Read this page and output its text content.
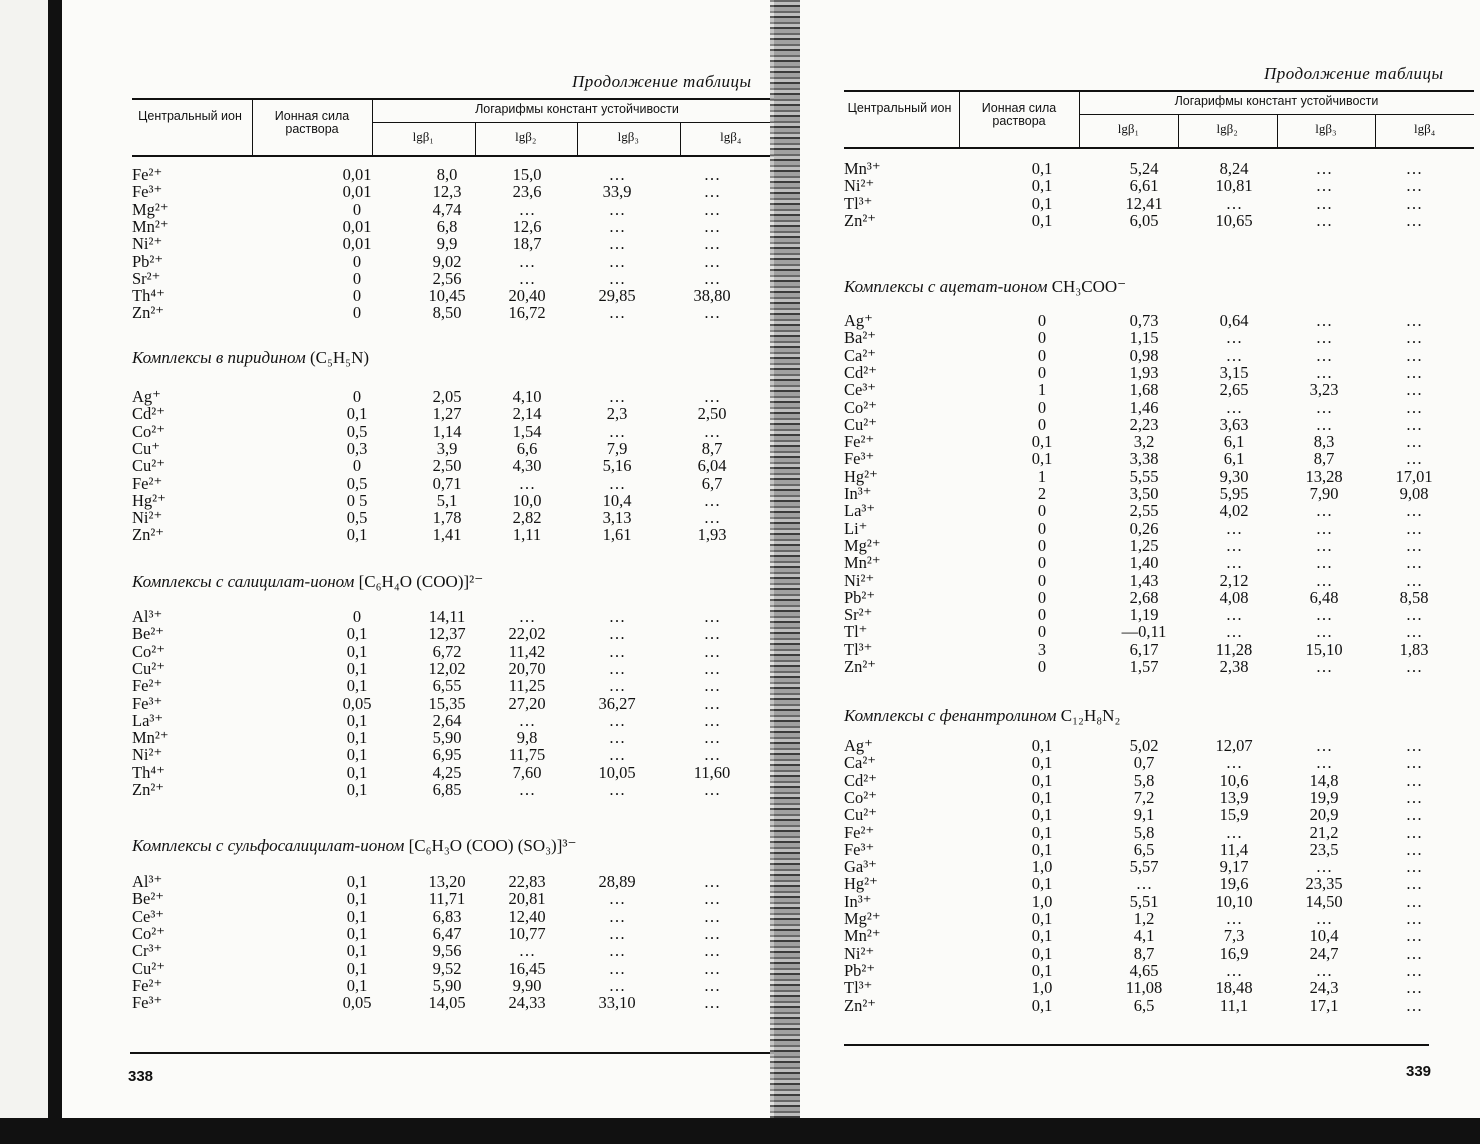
Продолжение таблицы
Центральный ион	Ионная сила раствора
Логарифмы констант устойчивости
lgβ₁	lgβ₂	lgβ₃	lgβ₄
Fe²⁺	0,01	8,0	15,0	…	…
Fe³⁺	0,01	12,3	23,6	33,9	…
Mg²⁺	0	4,74	…	…	…
Mn²⁺	0,01	6,8	12,6	…	…
Ni²⁺	0,01	9,9	18,7	…	…
Pb²⁺	0	9,02	…	…	…
Sr²⁺	0	2,56	…	…	…
Th⁴⁺	0	10,45	20,40	29,85	38,80
Zn²⁺	0	8,50	16,72	…	…
Комплексы в пиридином (C₅H₅N)
Ag⁺	0	2,05	4,10	…	…
Cd²⁺	0,1	1,27	2,14	2,3	2,50
Co²⁺	0,5	1,14	1,54	…	…
Cu⁺	0,3	3,9	6,6	7,9	8,7
Cu²⁺	0	2,50	4,30	5,16	6,04
Fe²⁺	0,5	0,71	…	…	6,7
Hg²⁺	0 5	5,1	10,0	10,4	…
Ni²⁺	0,5	1,78	2,82	3,13	…
Zn²⁺	0,1	1,41	1,11	1,61	1,93
Комплексы с салицилат-ионом [C₆H₄O (COO)]²⁻
Al³⁺	0	14,11	…	…	…
Be²⁺	0,1	12,37	22,02	…	…
Co²⁺	0,1	6,72	11,42	…	…
Cu²⁺	0,1	12,02	20,70	…	…
Fe²⁺	0,1	6,55	11,25	…	…
Fe³⁺	0,05	15,35	27,20	36,27	…
La³⁺	0,1	2,64	…	…	…
Mn²⁺	0,1	5,90	9,8	…	…
Ni²⁺	0,1	6,95	11,75	…	…
Th⁴⁺	0,1	4,25	7,60	10,05	11,60
Zn²⁺	0,1	6,85	…	…	…
Комплексы с сульфосалицилат-ионом [C₆H₃O (COO) (SO₃)]³⁻
Al³⁺	0,1	13,20	22,83	28,89	…
Be²⁺	0,1	11,71	20,81	…	…
Ce³⁺	0,1	6,83	12,40	…	…
Co²⁺	0,1	6,47	10,77	…	…
Cr³⁺	0,1	9,56	…	…	…
Cu²⁺	0,1	9,52	16,45	…	…
Fe²⁺	0,1	5,90	9,90	…	…
Fe³⁺	0,05	14,05	24,33	33,10	…
338
Продолжение таблицы
Центральный ион	Ионная сила раствора
Логарифмы констант устойчивости
lgβ₁	lgβ₂	lgβ₃	lgβ₄
Mn³⁺	0,1	5,24	8,24	…	…
Ni²⁺	0,1	6,61	10,81	…	…
Tl³⁺	0,1	12,41	…	…	…
Zn²⁺	0,1	6,05	10,65	…	…
Комплексы с ацетат-ионом CH₃COO⁻
Ag⁺	0	0,73	0,64	…	…
Ba²⁺	0	1,15	…	…	…
Ca²⁺	0	0,98	…	…	…
Cd²⁺	0	1,93	3,15	…	…
Ce³⁺	1	1,68	2,65	3,23	…
Co²⁺	0	1,46	…	…	…
Cu²⁺	0	2,23	3,63	…	…
Fe²⁺	0,1	3,2	6,1	8,3	…
Fe³⁺	0,1	3,38	6,1	8,7	…
Hg²⁺	1	5,55	9,30	13,28	17,01
In³⁺	2	3,50	5,95	7,90	9,08
La³⁺	0	2,55	4,02	…	…
Li⁺	0	0,26	…	…	…
Mg²⁺	0	1,25	…	…	…
Mn²⁺	0	1,40	…	…	…
Ni²⁺	0	1,43	2,12	…	…
Pb²⁺	0	2,68	4,08	6,48	8,58
Sr²⁺	0	1,19	…	…	…
Tl⁺	0	—0,11	…	…	…
Tl³⁺	3	6,17	11,28	15,10	1,83
Zn²⁺	0	1,57	2,38	…	…
Комплексы с фенантролином C₁₂H₈N₂
Ag⁺	0,1	5,02	12,07	…	…
Ca²⁺	0,1	0,7	…	…	…
Cd²⁺	0,1	5,8	10,6	14,8	…
Co²⁺	0,1	7,2	13,9	19,9	…
Cu²⁺	0,1	9,1	15,9	20,9	…
Fe²⁺	0,1	5,8	…	21,2	…
Fe³⁺	0,1	6,5	11,4	23,5	…
Ga³⁺	1,0	5,57	9,17	…	…
Hg²⁺	0,1	…	19,6	23,35	…
In³⁺	1,0	5,51	10,10	14,50	…
Mg²⁺	0,1	1,2	…	…	…
Mn²⁺	0,1	4,1	7,3	10,4	…
Ni²⁺	0,1	8,7	16,9	24,7	…
Pb²⁺	0,1	4,65	…	…	…
Tl³⁺	1,0	11,08	18,48	24,3	…
Zn²⁺	0,1	6,5	11,1	17,1	…
339
